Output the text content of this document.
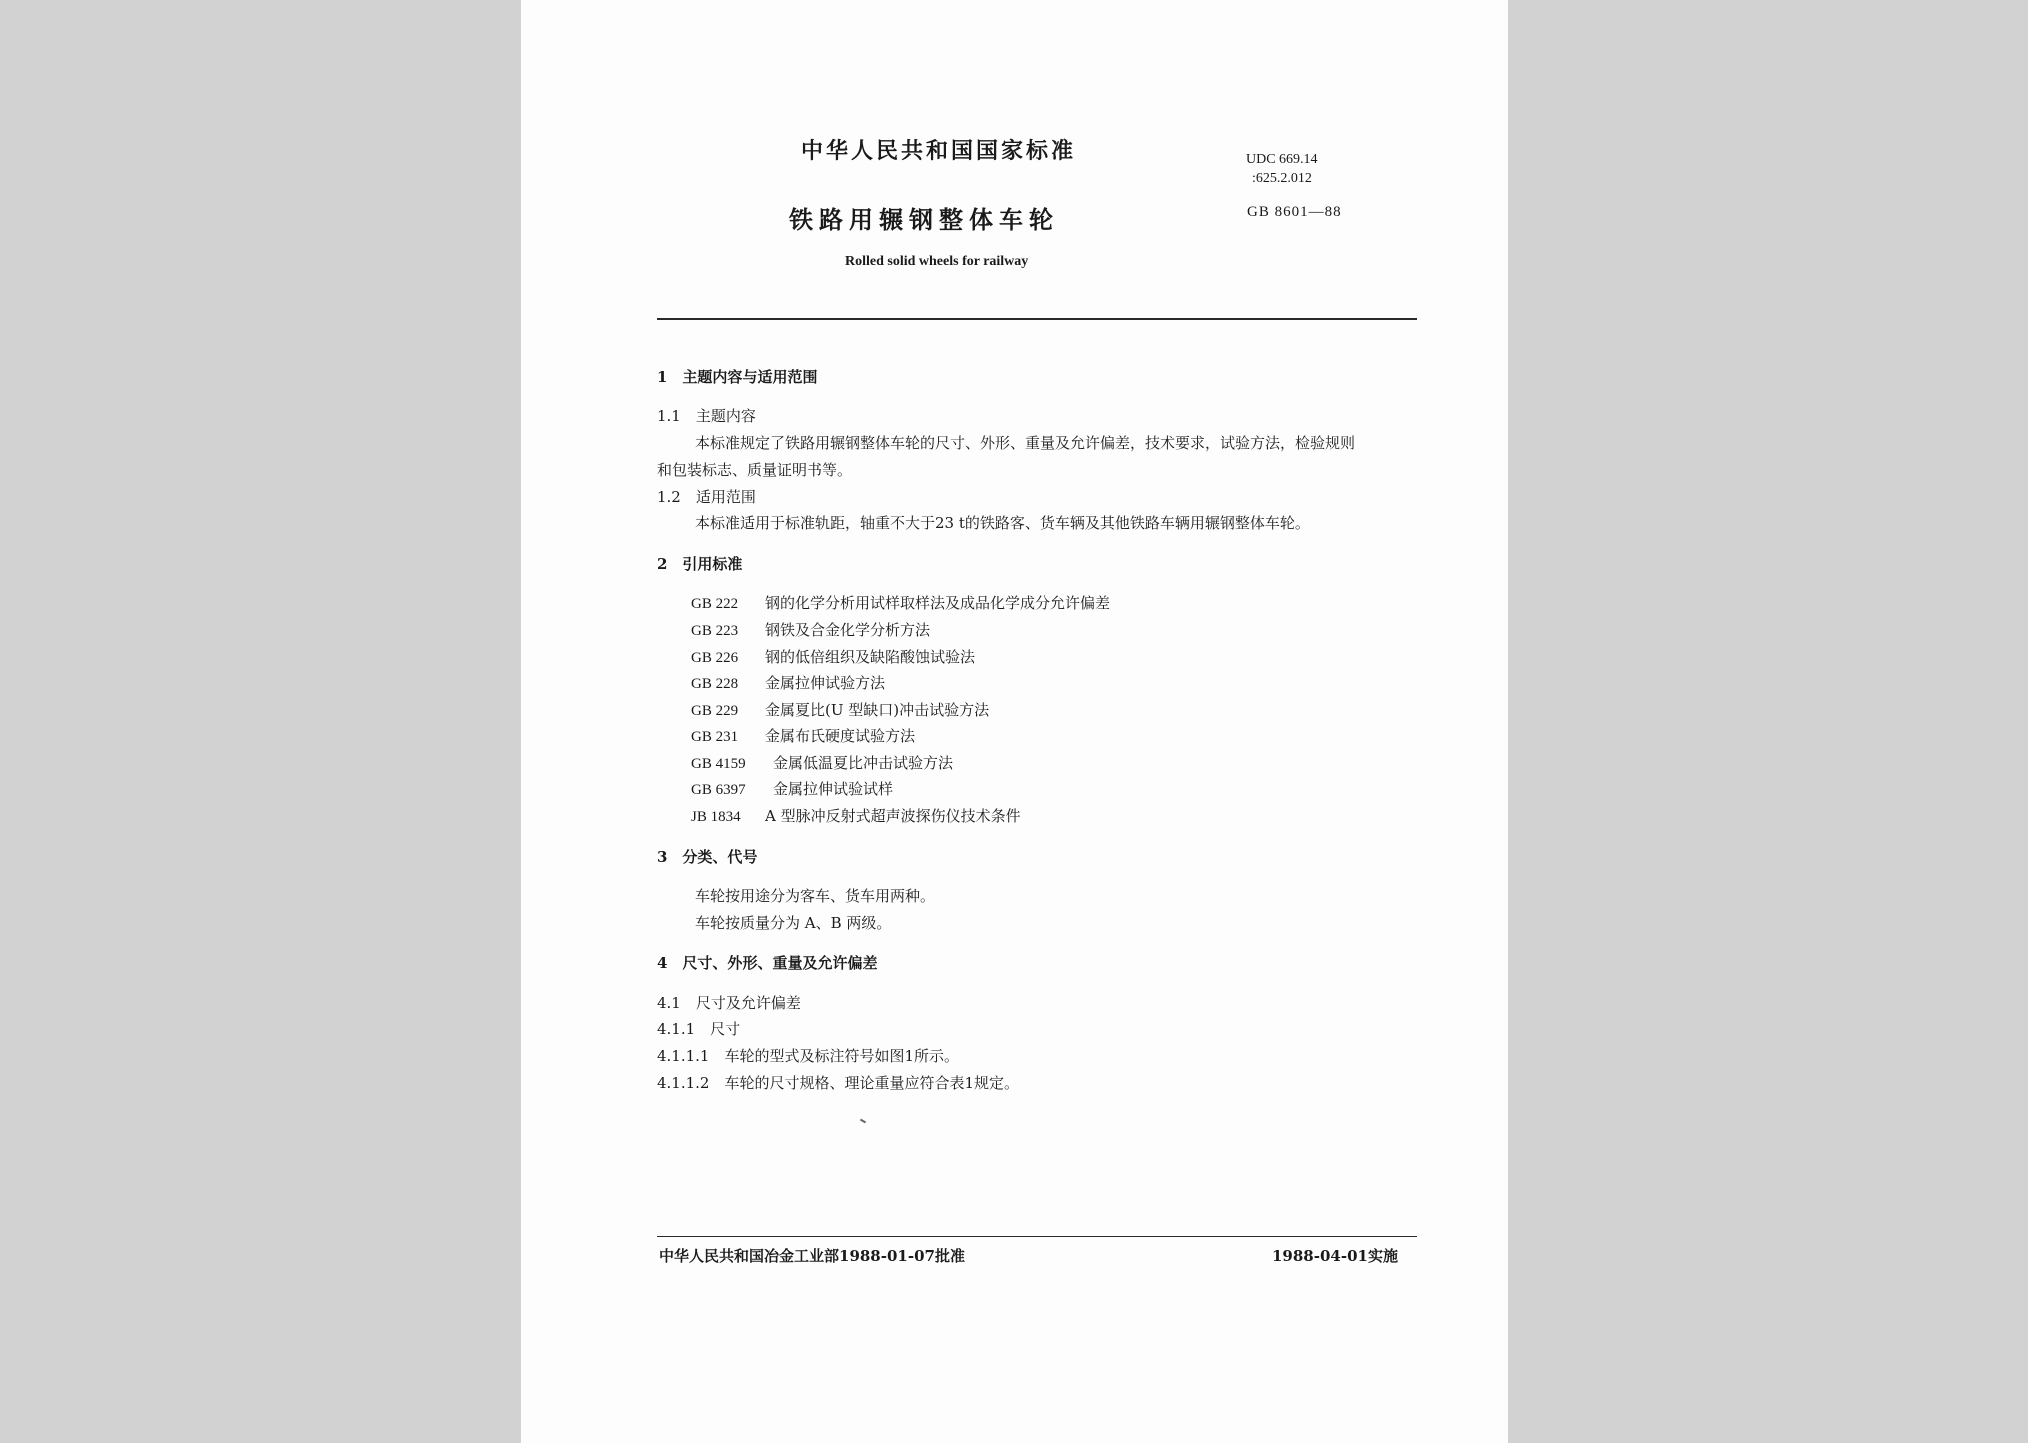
中华人民共和国国家标准	UDC 669.14
:625.2.012
铁路用辗钢整体车轮	GB 8601—88
Rolled solid wheels for railway
1　主题内容与适用范围
1.1　主题内容
本标准规定了铁路用辗钢整体车轮的尺寸、外形、重量及允许偏差，技术要求，试验方法，检验规则
和包装标志、质量证明书等。
1.2　适用范围
本标准适用于标准轨距，轴重不大于23 t的铁路客、货车辆及其他铁路车辆用辗钢整体车轮。
2　引用标准
GB 222 钢的化学分析用试样取样法及成品化学成分允许偏差
GB 223 钢铁及合金化学分析方法
GB 226 钢的低倍组织及缺陷酸蚀试验法
GB 228 金属拉伸试验方法
GB 229 金属夏比(U 型缺口)冲击试验方法
GB 231 金属布氏硬度试验方法
GB 4159 金属低温夏比冲击试验方法
GB 6397 金属拉伸试验试样
JB 1834 A 型脉冲反射式超声波探伤仪技术条件
3　分类、代号
车轮按用途分为客车、货车用两种。
车轮按质量分为 A、B 两级。
4　尺寸、外形、重量及允许偏差
4.1　尺寸及允许偏差
4.1.1　尺寸
4.1.1.1　车轮的型式及标注符号如图1所示。
4.1.1.2　车轮的尺寸规格、理论重量应符合表1规定。
中华人民共和国冶金工业部1988-01-07批准	1988-04-01实施
